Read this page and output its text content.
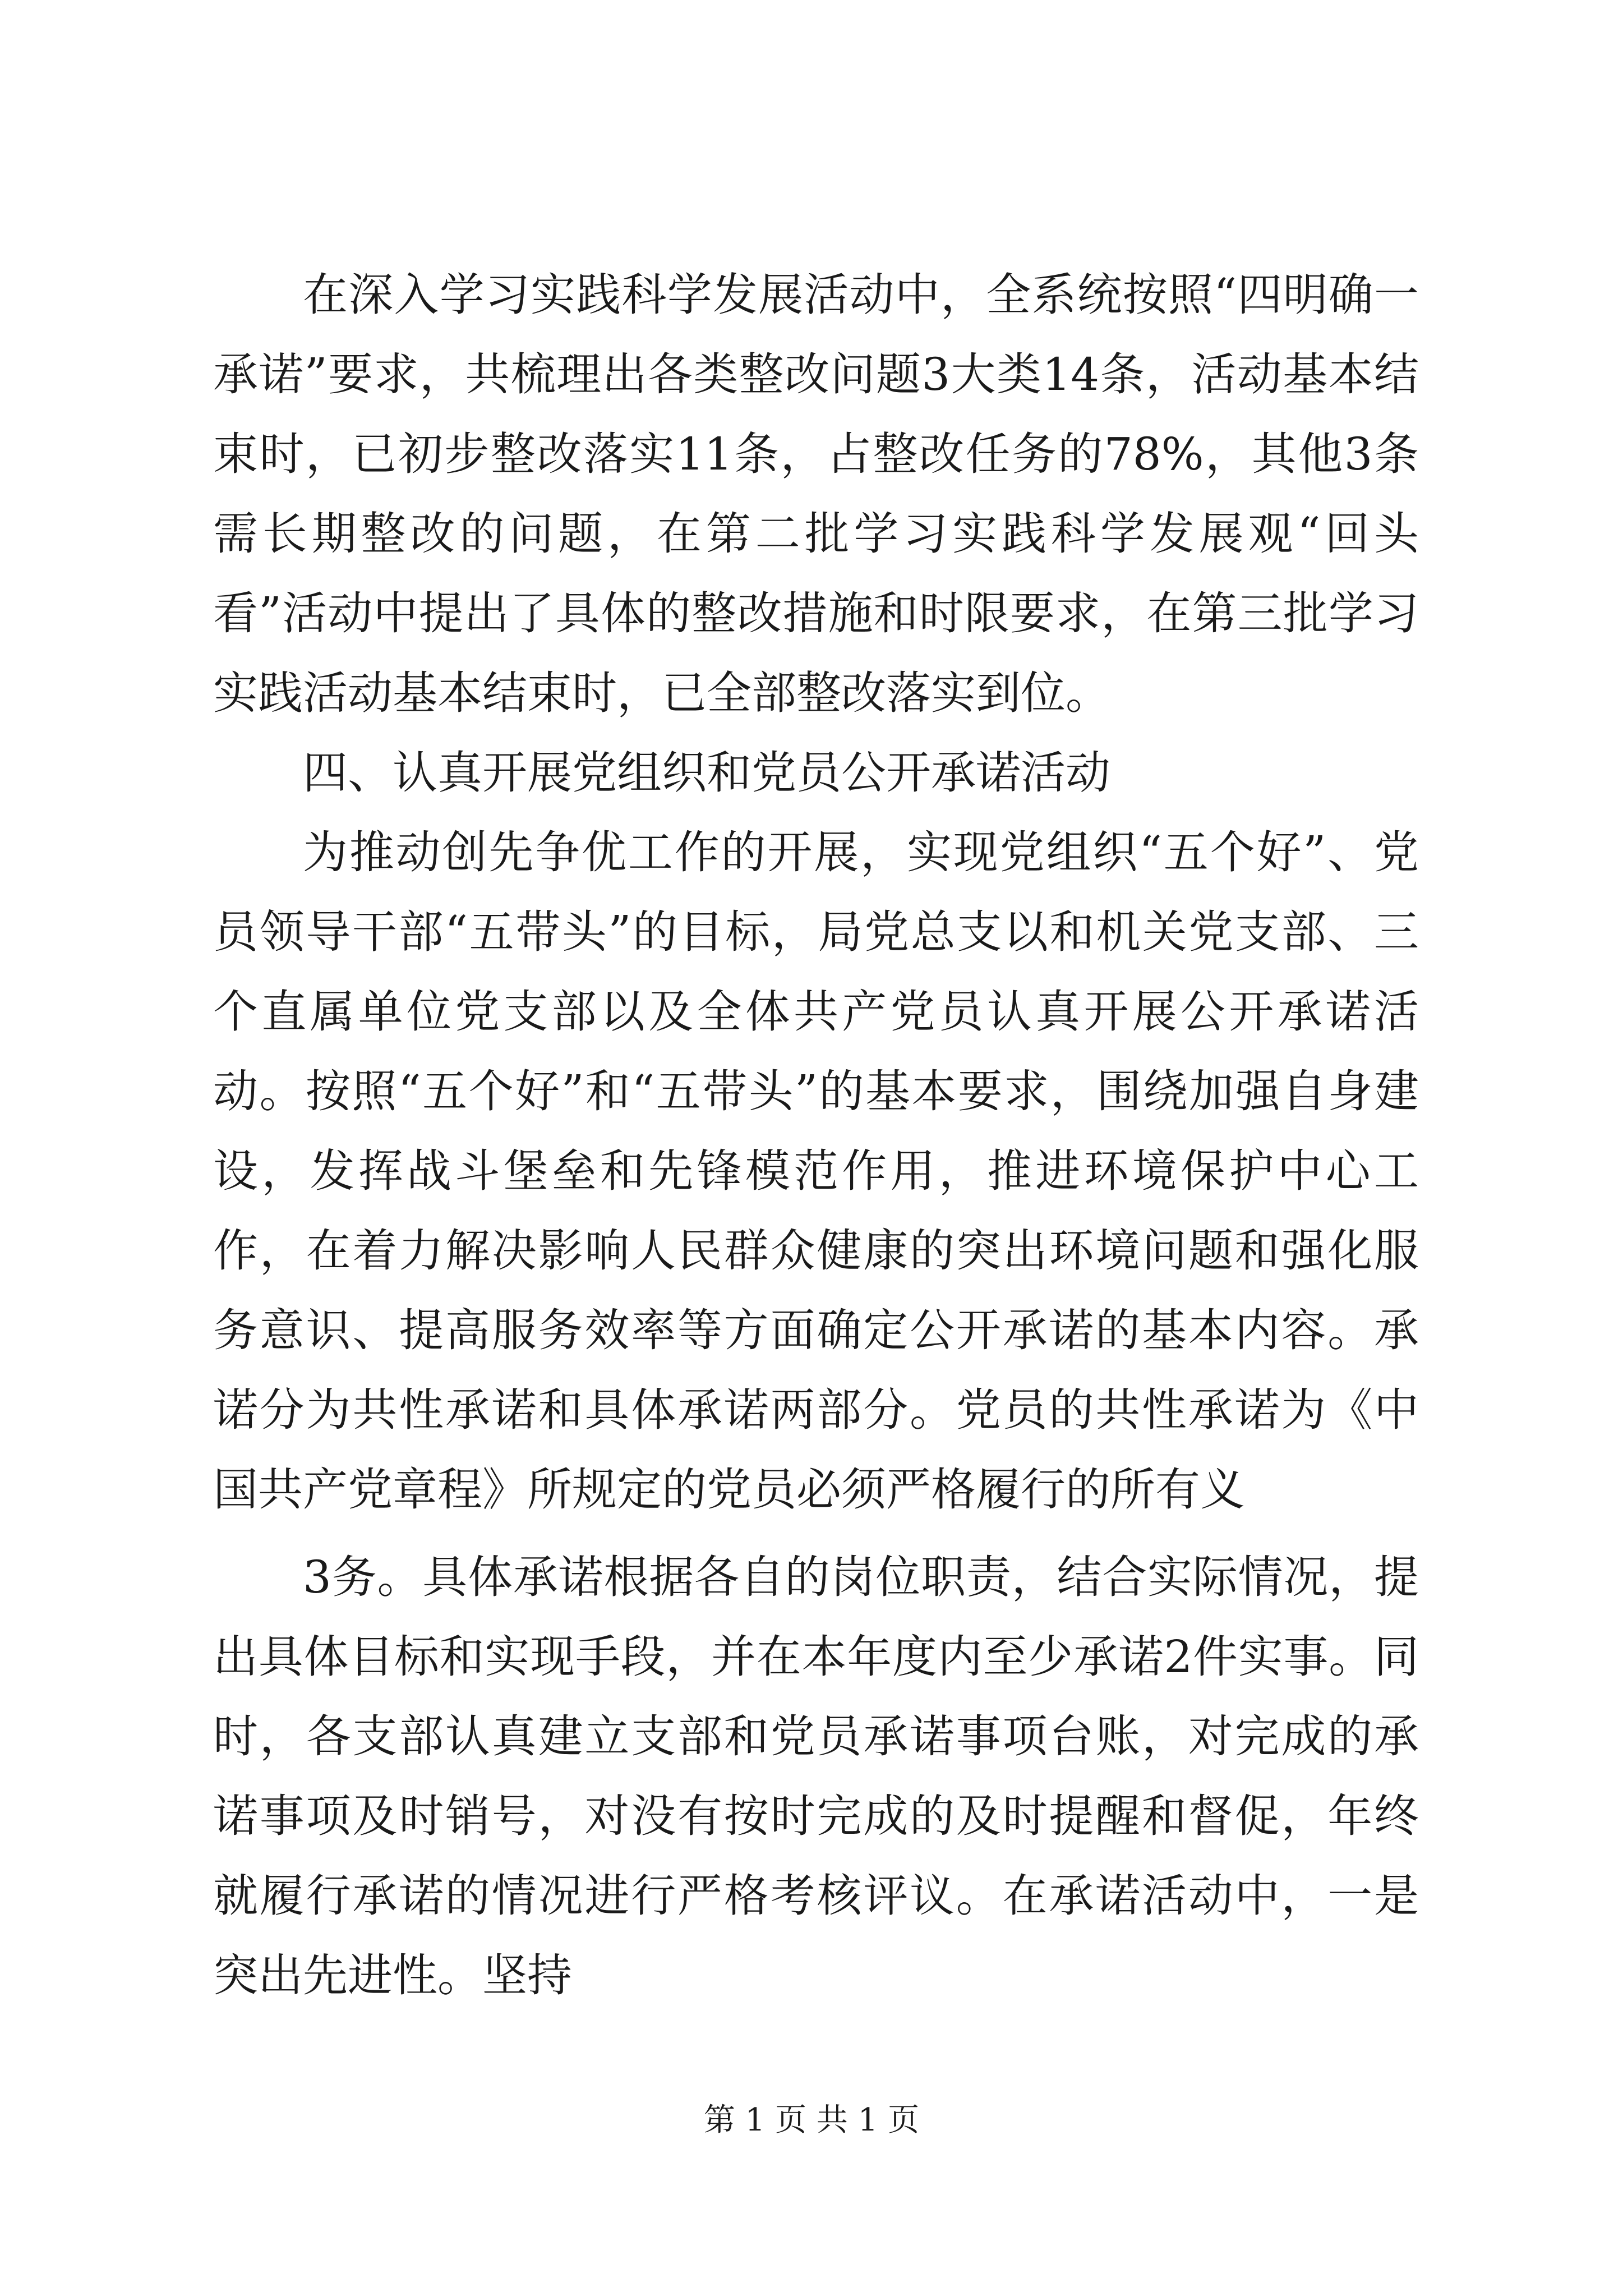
在深入学习实践科学发展活动中，全系统按照“四明确一承诺”要求，共梳理出各类整改问题3大类14条，活动基本结束时，已初步整改落实11条，占整改任务的78%，其他3条需长期整改的问题，在第二批学习实践科学发展观“回头看”活动中提出了具体的整改措施和时限要求，在第三批学习实践活动基本结束时，已全部整改落实到位。

四、认真开展党组织和党员公开承诺活动

为推动创先争优工作的开展，实现党组织“五个好”、党员领导干部“五带头”的目标，局党总支以和机关党支部、三个直属单位党支部以及全体共产党员认真开展公开承诺活动。按照“五个好”和“五带头”的基本要求，围绕加强自身建设，发挥战斗堡垒和先锋模范作用，推进环境保护中心工作，在着力解决影响人民群众健康的突出环境问题和强化服务意识、提高服务效率等方面确定公开承诺的基本内容。承诺分为共性承诺和具体承诺两部分。党员的共性承诺为《中国共产党章程》所规定的党员必须严格履行的所有义

3务。具体承诺根据各自的岗位职责，结合实际情况，提出具体目标和实现手段，并在本年度内至少承诺2件实事。同时，各支部认真建立支部和党员承诺事项台账，对完成的承诺事项及时销号，对没有按时完成的及时提醒和督促，年终就履行承诺的情况进行严格考核评议。在承诺活动中，一是突出先进性。坚持

第 1 页 共 1 页
